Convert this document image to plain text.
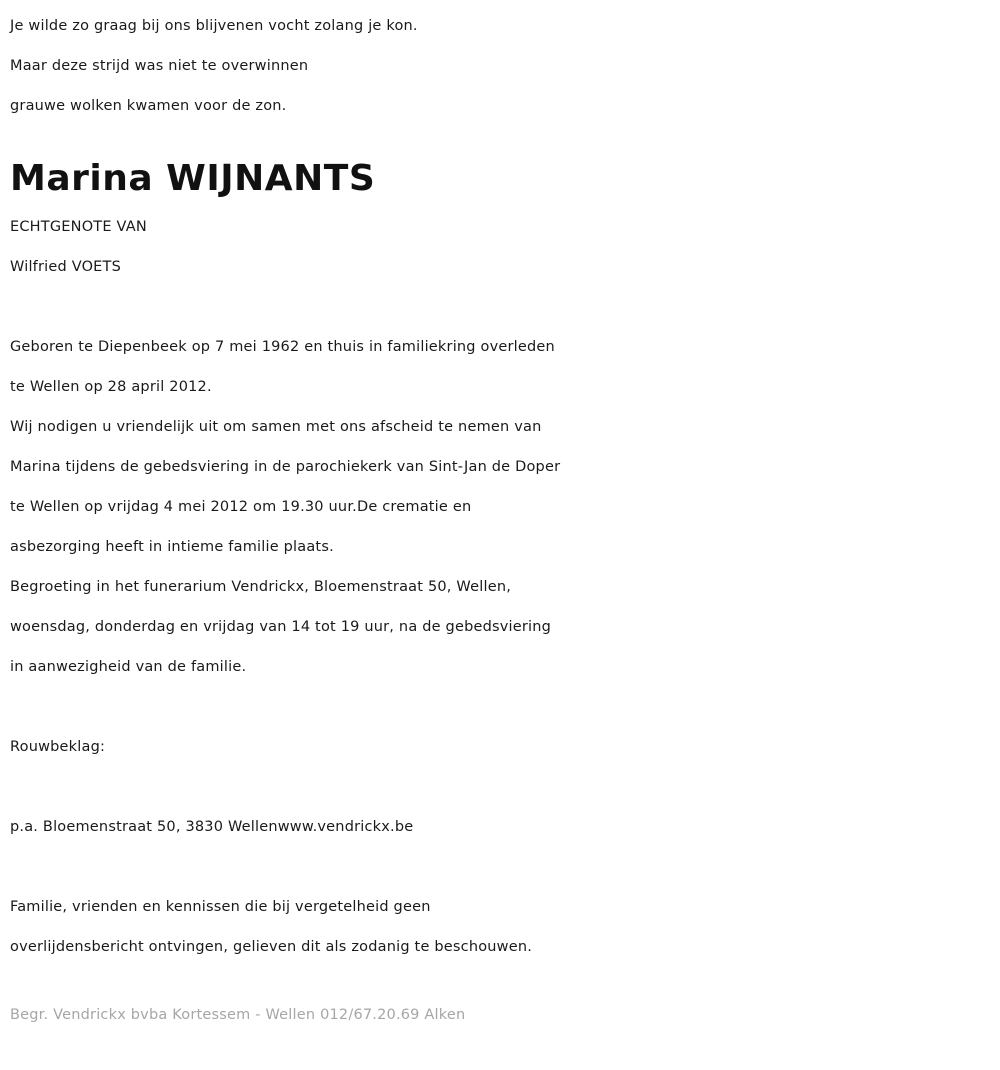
Je wilde zo graag bij ons blijvenen vocht zolang je kon.
Maar deze strijd was niet te overwinnen
grauwe wolken kwamen voor de zon.
Marina WIJNANTS
ECHTGENOTE VAN
Wilfried VOETS
Geboren te Diepenbeek op 7 mei 1962 en thuis in familiekring overleden
te Wellen op 28 april 2012.
Wij nodigen u vriendelijk uit om samen met ons afscheid te nemen van
Marina tijdens de gebedsviering in de parochiekerk van Sint-Jan de Doper
te Wellen op vrijdag 4 mei 2012 om 19.30 uur.De crematie en
asbezorging heeft in intieme familie plaats.
Begroeting in het funerarium Vendrickx, Bloemenstraat 50, Wellen,
woensdag, donderdag en vrijdag van 14 tot 19 uur, na de gebedsviering
in aanwezigheid van de familie.
Rouwbeklag:
p.a. Bloemenstraat 50, 3830 Wellenwww.vendrickx.be
Familie, vrienden en kennissen die bij vergetelheid geen
overlijdensbericht ontvingen, gelieven dit als zodanig te beschouwen.
Begr. Vendrickx bvba Kortessem - Wellen 012/67.20.69 Alken
